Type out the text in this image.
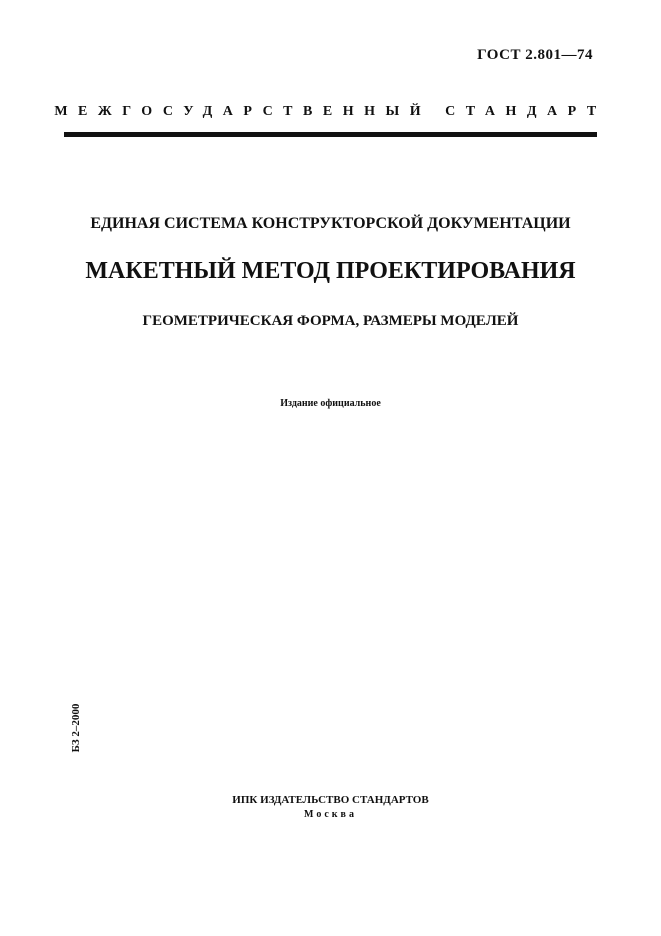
ГОСТ 2.801—74
МЕЖГОСУДАРСТВЕННЫЙ СТАНДАРТ
ЕДИНАЯ СИСТЕМА КОНСТРУКТОРСКОЙ ДОКУМЕНТАЦИИ
МАКЕТНЫЙ МЕТОД ПРОЕКТИРОВАНИЯ
ГЕОМЕТРИЧЕСКАЯ ФОРМА, РАЗМЕРЫ МОДЕЛЕЙ
Издание официальное
БЗ 2–2000
ИПК ИЗДАТЕЛЬСТВО СТАНДАРТОВ
Москва
